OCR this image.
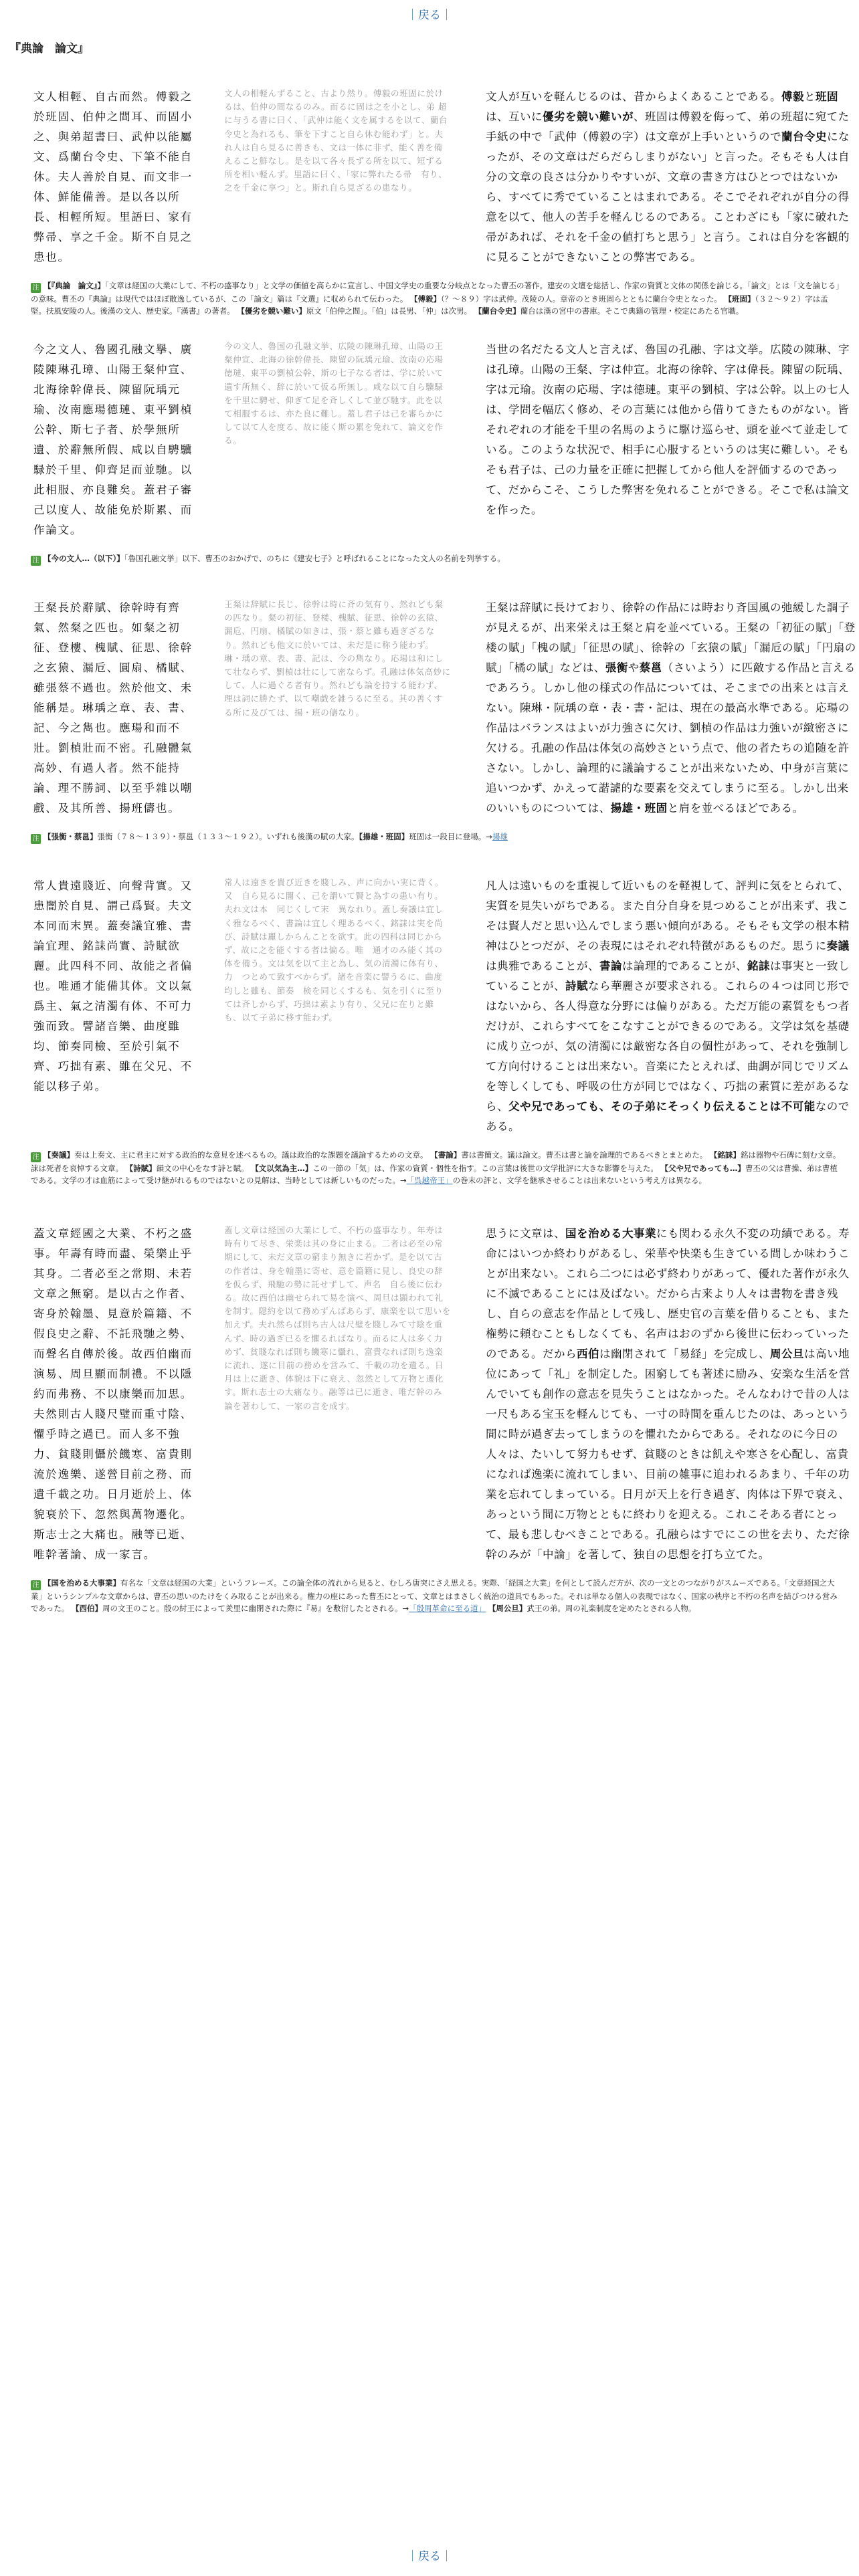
｜戻る｜
『典論　論文』
文人相輕、自古而然。傅毅之於班固、伯仲之間耳、而固小之、與弟超書曰、武仲以能屬文、爲蘭台令史、下筆不能自休。夫人善於自見、而文非一体、鮮能備善。是以各以所長、相輕所短。里語曰、家有弊帚、享之千金。斯不自見之患也。
文人の相軽んずること、古より然り。傅毅の班固に於けるは、伯仲の間なるのみ。而るに固は之を小とし、弟 超に与うる書に曰く、「武仲は能く文を属するを以て、蘭台令史と為れるも、筆を下すこと自ら休む能わず」と。夫れ人は自ら見るに善きも、文は一体に非ず、能く善を備えること鮮なし。是を以て各々長ずる所を以て、短ずる所を相い軽んず。里語に曰く、「家に弊れたる帚　有り、之を千金に享つ」と。斯れ自ら見ざるの患なり。
文人が互いを軽んじるのは、昔からよくあることである。傅毅と班固は、互いに優劣を競い難いが、班固は傅毅を侮って、弟の班超に宛てた手紙の中で「武仲（傅毅の字）は文章が上手いというので蘭台令史になったが、その文章はだらだらしまりがない」と言った。そもそも人は自分の文章の良さは分かりやすいが、文章の書き方はひとつではないから、すべてに秀でていることはまれである。そこでそれぞれが自分の得意を以て、他人の苦手を軽んじるのである。ことわざにも「家に破れた帚があれば、それを千金の値打ちと思う」と言う。これは自分を客観的に見ることができないことの弊害である。
注 【『典論　論文』】「文章は経国の大業にして、不朽の盛事なり」と文学の価値を高らかに宣言し、中国文学史の重要な分岐点となった曹丕の著作。建安の文壇を総括し、作家の資質と文体の関係を論じる。「論文」とは「文を論じる」の意味。曹丕の『典論』は現代ではほぼ散逸しているが、この「論文」篇は『文選』に収められて伝わった。 【傅毅】（？〜８９）字は武仲。茂陵の人。章帝のとき班固らとともに蘭台令史となった。 【班固】（３２〜９２）字は孟堅。扶風安陵の人。後漢の文人、歴史家。『漢書』の著者。 【優劣を競い難い】原文「伯仲之間」。「伯」は長男、「仲」は次男。 【蘭台令史】蘭台は漢の宮中の書庫。そこで典籍の管理・校定にあたる官職。
今之文人、魯國孔融文擧、廣陵陳琳孔璋、山陽王粲仲宣、北海徐幹偉長、陳留阮瑀元瑜、汝南應瑒德璉、東平劉楨公幹、斯七子者、於學無所遺、於辭無所假、咸以自騁驥騄於千里、仰齊足而並馳。以此相服、亦良難矣。蓋君子審己以度人、故能免於斯累、而作論文。
今の文人、魯国の孔融文挙、広陵の陳琳孔璋、山陽の王粲仲宣、北海の徐幹偉長、陳留の阮瑀元瑜、汝南の応瑒徳璉、東平の劉楨公幹、斯の七子なる者は、学に於いて遺す所無く、辞に於いて仮る所無し。咸な以て自ら驥騄を千里に騁せ、仰ぎて足を斉しくして並び馳す。此を以て相服するは、亦た良に難し。蓋し君子は己を審らかにして以て人を度る、故に能く斯の累を免れて、論文を作る。
当世の名だたる文人と言えば、魯国の孔融、字は文挙。広陵の陳琳、字は孔璋。山陽の王粲、字は仲宣。北海の徐幹、字は偉長。陳留の阮瑀、字は元瑜。汝南の応瑒、字は徳璉。東平の劉楨、字は公幹。以上の七人は、学問を幅広く修め、その言葉には他から借りてきたものがない。皆それぞれの才能を千里の名馬のように駆け巡らせ、頭を並べて並走している。このような状況で、相手に心服するというのは実に難しい。そもそも君子は、己の力量を正確に把握してから他人を評価するのであって、だからこそ、こうした弊害を免れることができる。そこで私は論文を作った。
注 【今の文人…（以下）】「魯国孔融文挙」以下、曹丕のおかげで、のちに《建安七子》と呼ばれることになった文人の名前を列挙する。
王粲長於辭賦、徐幹時有齊氣、然粲之匹也。如粲之初征、登樓、槐賦、征思、徐幹之玄猿、漏卮、圓扇、橘賦、雖張蔡不過也。然於他文、未能稱是。琳瑀之章、表、書、記、今之雋也。應瑒和而不壯。劉楨壯而不密。孔融體氣高妙、有過人者。然不能持論、理不勝詞、以至乎雜以嘲戲、及其所善、揚班儔也。
王粲は辞賦に長じ、徐幹は時に斉の気有り、然れども粲の匹なり。粲の初征、登楼、槐賦、征思、徐幹の玄猿、漏卮、円扇、橘賦の如きは、張・蔡と雖も過ぎざるなり。然れども他文に於いては、未だ是に称う能わず。琳・瑀の章、表、書、記は、今の雋なり。応瑒は和にして壮ならず、劉楨は壮にして密ならず。孔融は体気高妙にして、人に過ぐる者有り。然れども論を持する能わず、理は詞に勝たず、以て嘲戯を雑うるに至る。其の善くする所に及びては、揚・班の儔なり。
王粲は辞賦に長けており、徐幹の作品には時おり斉国風の弛緩した調子が見えるが、出来栄えは王粲と肩を並べている。王粲の「初征の賦」「登楼の賦」「槐の賦」「征思の賦」、徐幹の「玄猿の賦」「漏卮の賦」「円扇の賦」「橘の賦」などは、張衡や蔡邕（さいよう）に匹敵する作品と言えるであろう。しかし他の様式の作品については、そこまでの出来とは言えない。陳琳・阮瑀の章・表・書・記は、現在の最高水準である。応瑒の作品はバランスはよいが力強さに欠け、劉楨の作品は力強いが緻密さに欠ける。孔融の作品は体気の高妙さという点で、他の者たちの追随を許さない。しかし、論理的に議論することが出来ないため、中身が言葉に追いつかず、かえって諧謔的な要素を交えてしまうに至る。しかし出来のいいものについては、揚雄・班固と肩を並べるほどである。
注 【張衡・蔡邕】張衡（７８〜１３９）・蔡邕（１３３〜１９２）。いずれも後漢の賦の大家。【揚雄・班固】班固は一段目に登場。→揚雄
常人貴遠賤近、向聲背實。又患闇於自見、謂己爲賢。夫文本同而末異。蓋奏議宜雅、書論宜理、銘誄尚實、詩賦欲麗。此四科不同、故能之者偏也。唯通才能備其体。文以氣爲主、氣之清濁有体、不可力強而致。譬諸音樂、曲度雖均、節奏同檢、至於引氣不齊、巧拙有素、雖在父兄、不能以移子弟。
常人は遠きを貴び近きを賤しみ、声に向かい実に背く。又　自ら見るに闇く、己を謂いて賢と為すの患い有り。夫れ文は本　同じくして末　異なれり。蓋し奏議は宜しく雅なるべく、書論は宜しく理あるべく、銘誄は実を尚び、詩賦は麗しからんことを欲す。此の四科は同じからず、故に之を能くする者は偏る。唯　通才のみ能く其の体を備う。文は気を以て主と為し、気の清濁に体有り、力　つとめて致すべからず。諸を音楽に譬うるに、曲度　均しと雖も、節奏　検を同じくするも、気を引くに至りては斉しからず、巧拙は素より有り、父兄に在りと雖も、以て子弟に移す能わず。
凡人は遠いものを重視して近いものを軽視して、評判に気をとられて、実質を見失いがちである。また自分自身を見つめることが出来ず、我こそは賢人だと思い込んでしまう悪い傾向がある。そもそも文学の根本精神はひとつだが、その表現にはそれぞれ特徴があるものだ。思うに奏議は典雅であることが、書論は論理的であることが、銘誄は事実と一致していることが、詩賦なら華麗さが要求される。これらの４つは同じ形ではないから、各人得意な分野には偏りがある。ただ万能の素質をもつ者だけが、これらすべてをこなすことができるのである。文学は気を基礎に成り立つが、気の清濁には厳密な各自の個性があって、それを強制して方向付けることは出来ない。音楽にたとえれば、曲調が同じでリズムを等しくしても、呼吸の仕方が同じではなく、巧拙の素質に差があるなら、父や兄であっても、その子弟にそっくり伝えることは不可能なのである。
注 【奏議】奏は上奏文、主に君主に対する政治的な意見を述べるもの。議は政治的な課題を議論するための文章。 【書論】書は書簡文。議は論文。曹丕は書と論を論理的であるべきとまとめた。 【銘誄】銘は器物や石碑に刻む文章。誄は死者を哀悼する文章。 【詩賦】韻文の中心をなす詩と賦。 【文以気為主…】この一節の「気」は、作家の資質・個性を指す。この言葉は後世の文学批評に大きな影響を与えた。 【父や兄であっても…】曹丕の父は曹操、弟は曹植である。文学の才は血筋によって受け継がれるものではないとの見解は、当時としては新しいものだった。→「呉越帝王」の巻末の評と、文学を継承させることは出来ないという考え方は異なる。
蓋文章經國之大業、不朽之盛事。年壽有時而盡、榮樂止乎其身。二者必至之常期、未若文章之無窮。是以古之作者、寄身於翰墨、見意於篇籍、不假良史之辭、不託飛馳之勢、而聲名自傳於後。故西伯幽而演易、周旦顯而制禮。不以隱約而弗務、不以康樂而加思。夫然則古人賤尺璧而重寸陰、懼乎時之過已。而人多不強力、貧賤則懾於饑寒、富貴則流於逸樂、遂營目前之務、而遺千載之功。日月逝於上、体貌衰於下、忽然與萬物遷化。斯志士之大痛也。融等已逝、唯幹著論、成一家言。
蓋し文章は経国の大業にして、不朽の盛事なり。年寿は時有りて尽き、栄楽は其の身に止まる。二者は必至の常期にして、未だ文章の窮まり無きに若かず。是を以て古の作者は、身を翰墨に寄せ、意を篇籍に見し、良史の辞を仮らず、飛馳の勢に託せずして、声名　自ら後に伝わる。故に西伯は幽せられて易を演べ、周旦は顕われて礼を制す。隠約を以て務めずんばあらず、康楽を以て思いを加えず。夫れ然らば則ち古人は尺璧を賤しみて寸陰を重んず、時の過ぎ已るを懼るればなり。而るに人は多く力めず、貧賤なれば則ち饑寒に懾れ、富貴なれば則ち逸楽に流れ、遂に目前の務めを営みて、千載の功を遺る。日月は上に逝き、体貌は下に衰え、忽然として万物と遷化す。斯れ志士の大痛なり。融等は已に逝き、唯だ幹のみ論を著わして、一家の言を成す。
思うに文章は、国を治める大事業にも関わる永久不変の功績である。寿命にはいつか終わりがあるし、栄華や快楽も生きている間しか味わうことが出来ない。これら二つには必ず終わりがあって、優れた著作が永久に不滅であることには及ばない。だから古来より人々は書物を書き残し、自らの意志を作品として残し、歴史官の言葉を借りることも、また権勢に頼むこともしなくても、名声はおのずから後世に伝わっていったのである。だから西伯は幽閉されて「易経」を完成し、周公旦は高い地位にあって「礼」を制定した。困窮しても著述に励み、安楽な生活を営んでいても創作の意志を見失うことはなかった。そんなわけで昔の人は一尺もある宝玉を軽んじても、一寸の時間を重んじたのは、あっという間に時が過ぎ去ってしまうのを懼れたからである。それなのに今日の人々は、たいして努力もせず、貧賤のときは飢えや寒さを心配し、富貴になれば逸楽に流れてしまい、目前の雑事に追われるあまり、千年の功業を忘れてしまっている。日月が天上を行き過ぎ、肉体は下界で衰え、あっという間に万物とともに終わりを迎える。これこそある者にとって、最も悲しむべきことである。孔融らはすでにこの世を去り、ただ徐幹のみが「中論」を著して、独自の思想を打ち立てた。
注 【国を治める大事業】有名な「文章は経国の大業」というフレーズ。この論全体の流れから見ると、むしろ唐突にさえ思える。実際、「経国之大業」を何として読んだ方が、次の一文とのつながりがスムーズである。「文章経国之大業」というシンプルな文章からは、曹丕の思いのたけをくみ取ることが出来る。権力の座にあった曹丕にとって、文章とはまさしく統治の道具でもあった。それは単なる個人の表現ではなく、国家の秩序と不朽の名声を結びつける営みであった。 【西伯】周の文王のこと。殷の紂王によって羑里に幽閉された際に『易』を敷衍したとされる。→「殷周革命に至る道」 【周公旦】武王の弟。周の礼楽制度を定めたとされる人物。
｜戻る｜
